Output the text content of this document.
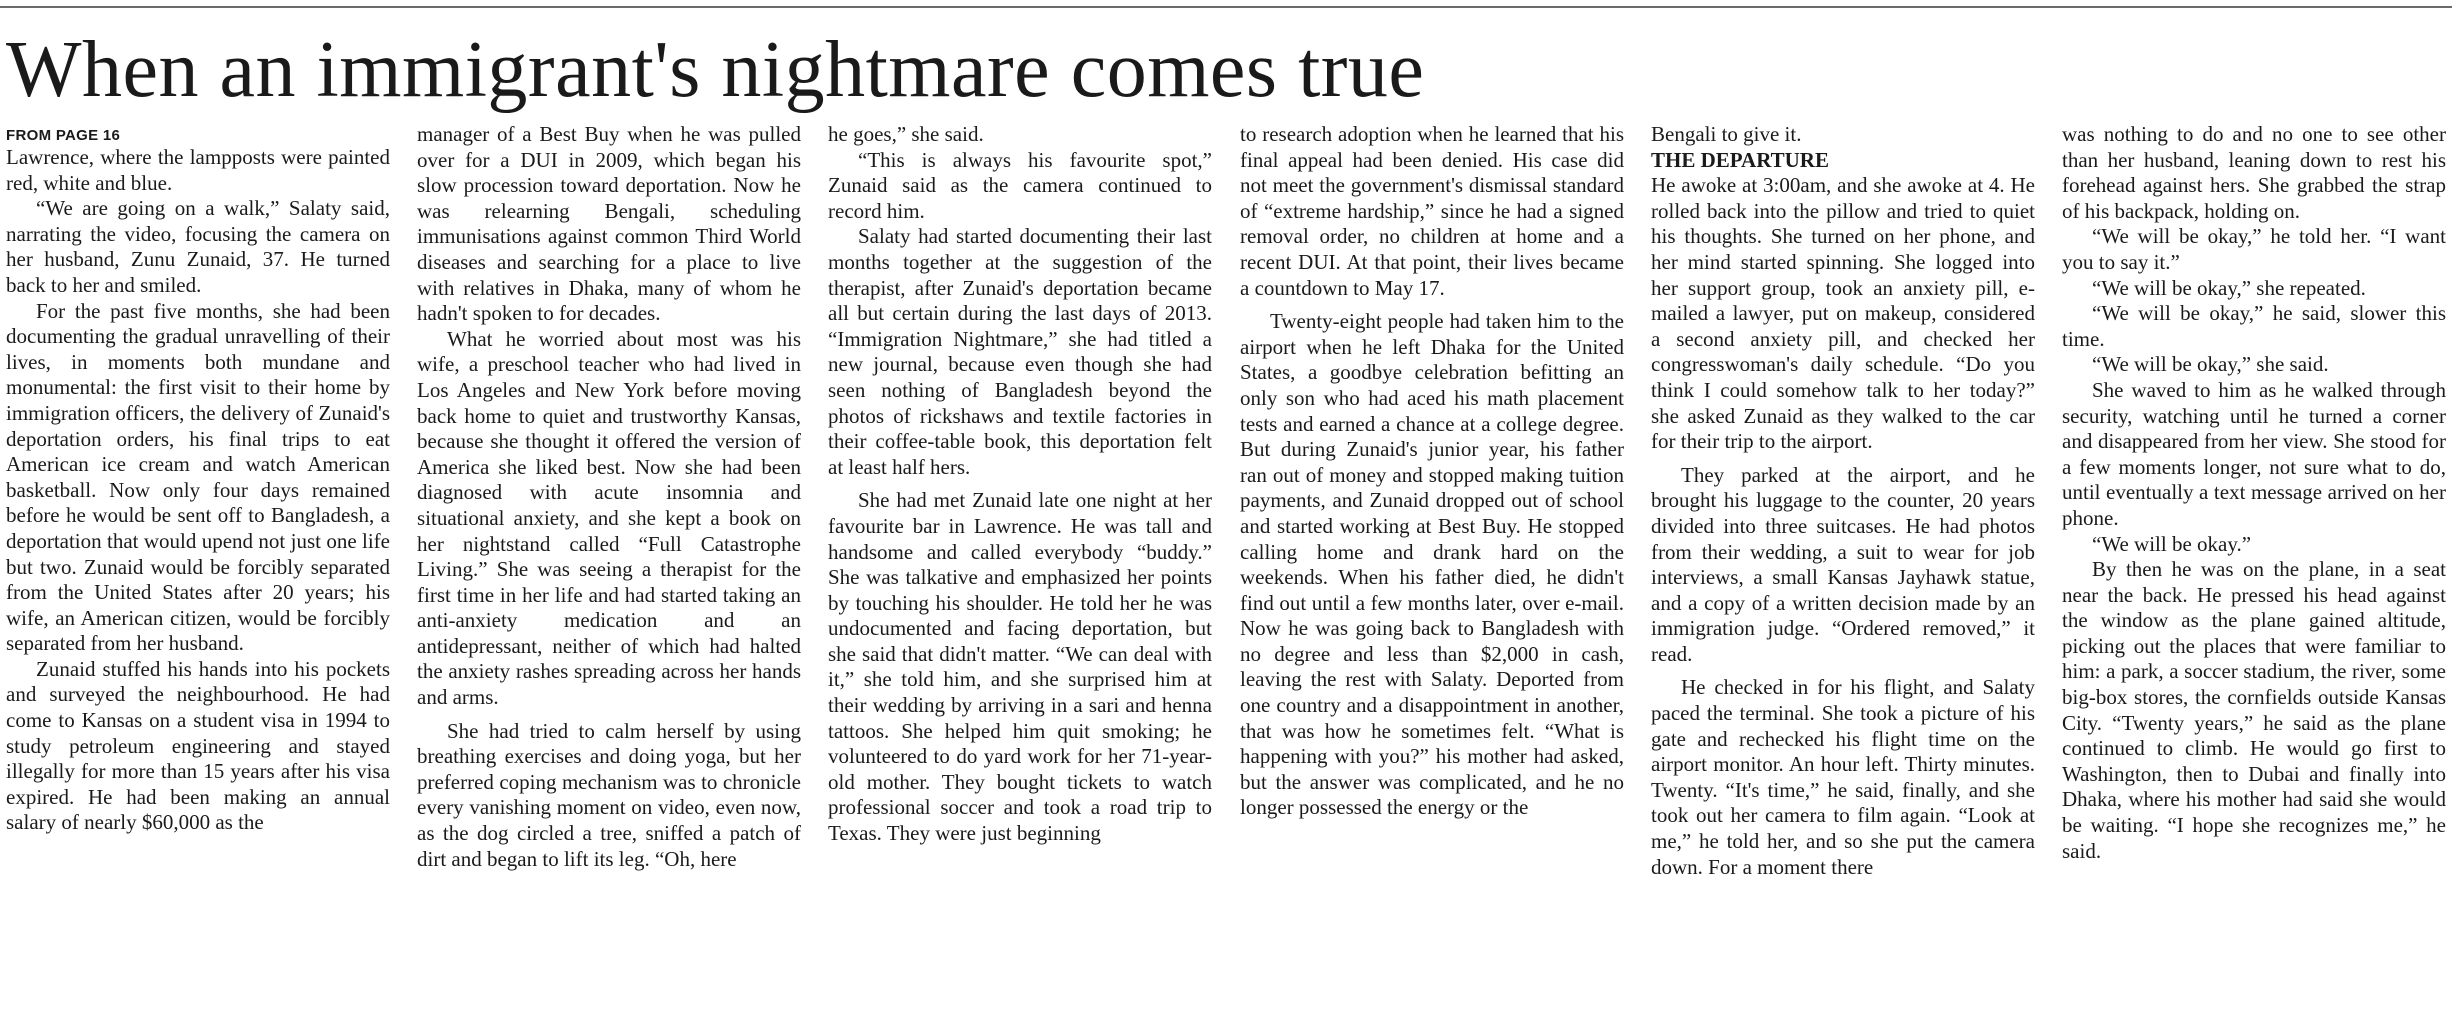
When an immigrant's nightmare comes true
FROM PAGE 16

Lawrence, where the lampposts were painted red, white and blue.

“We are going on a walk,” Salaty said, narrating the video, focusing the camera on her husband, Zunu Zunaid, 37. He turned back to her and smiled.

For the past five months, she had been documenting the gradual unravelling of their lives, in moments both mundane and monumental: the first visit to their home by immigration officers, the delivery of Zunaid's deportation orders, his final trips to eat American ice cream and watch American basketball. Now only four days remained before he would be sent off to Bangladesh, a deportation that would upend not just one life but two. Zunaid would be forcibly separated from the United States after 20 years; his wife, an American citizen, would be forcibly separated from her husband.

Zunaid stuffed his hands into his pockets and surveyed the neighbourhood. He had come to Kansas on a student visa in 1994 to study petroleum engineering and stayed illegally for more than 15 years after his visa expired. He had been making an annual salary of nearly $60,000 as the

manager of a Best Buy when he was pulled over for a DUI in 2009, which began his slow procession toward deportation. Now he was relearning Bengali, scheduling immunisations against common Third World diseases and searching for a place to live with relatives in Dhaka, many of whom he hadn't spoken to for decades.

What he worried about most was his wife, a preschool teacher who had lived in Los Angeles and New York before moving back home to quiet and trustworthy Kansas, because she thought it offered the version of America she liked best. Now she had been diagnosed with acute insomnia and situational anxiety, and she kept a book on her nightstand called “Full Catastrophe Living.” She was seeing a therapist for the first time in her life and had started taking an anti-anxiety medication and an antidepressant, neither of which had halted the anxiety rashes spreading across her hands and arms.

She had tried to calm herself by using breathing exercises and doing yoga, but her preferred coping mechanism was to chronicle every vanishing moment on video, even now, as the dog circled a tree, sniffed a patch of dirt and began to lift its leg. “Oh, here

he goes,” she said.

“This is always his favourite spot,” Zunaid said as the camera continued to record him.

Salaty had started documenting their last months together at the suggestion of the therapist, after Zunaid's deportation became all but certain during the last days of 2013. “Immigration Nightmare,” she had titled a new journal, because even though she had seen nothing of Bangladesh beyond the photos of rickshaws and textile factories in their coffee-table book, this deportation felt at least half hers.

She had met Zunaid late one night at her favourite bar in Lawrence. He was tall and handsome and called everybody “buddy.” She was talkative and emphasized her points by touching his shoulder. He told her he was undocumented and facing deportation, but she said that didn't matter. “We can deal with it,” she told him, and she surprised him at their wedding by arriving in a sari and henna tattoos. She helped him quit smoking; he volunteered to do yard work for her 71-year-old mother. They bought tickets to watch professional soccer and took a road trip to Texas. They were just beginning

to research adoption when he learned that his final appeal had been denied. His case did not meet the government's dismissal standard of “extreme hardship,” since he had a signed removal order, no children at home and a recent DUI. At that point, their lives became a countdown to May 17.

Twenty-eight people had taken him to the airport when he left Dhaka for the United States, a goodbye celebration befitting an only son who had aced his math placement tests and earned a chance at a college degree. But during Zunaid's junior year, his father ran out of money and stopped making tuition payments, and Zunaid dropped out of school and started working at Best Buy. He stopped calling home and drank hard on the weekends. When his father died, he didn't find out until a few months later, over e-mail. Now he was going back to Bangladesh with no degree and less than $2,000 in cash, leaving the rest with Salaty. Deported from one country and a disappointment in another, that was how he sometimes felt. “What is happening with you?” his mother had asked, but the answer was complicated, and he no longer possessed the energy or the

Bengali to give it.

THE DEPARTURE

He awoke at 3:00am, and she awoke at 4. He rolled back into the pillow and tried to quiet his thoughts. She turned on her phone, and her mind started spinning. She logged into her support group, took an anxiety pill, e-mailed a lawyer, put on makeup, considered a second anxiety pill, and checked her congresswoman's daily schedule. “Do you think I could somehow talk to her today?” she asked Zunaid as they walked to the car for their trip to the airport.

They parked at the airport, and he brought his luggage to the counter, 20 years divided into three suitcases. He had photos from their wedding, a suit to wear for job interviews, a small Kansas Jayhawk statue, and a copy of a written decision made by an immigration judge. “Ordered removed,” it read.

He checked in for his flight, and Salaty paced the terminal. She took a picture of his gate and rechecked his flight time on the airport monitor. An hour left. Thirty minutes. Twenty. “It's time,” he said, finally, and she took out her camera to film again. “Look at me,” he told her, and so she put the camera down. For a moment there

was nothing to do and no one to see other than her husband, leaning down to rest his forehead against hers. She grabbed the strap of his backpack, holding on.

“We will be okay,” he told her. “I want you to say it.”

“We will be okay,” she repeated.

“We will be okay,” he said, slower this time.

“We will be okay,” she said.

She waved to him as he walked through security, watching until he turned a corner and disappeared from her view. She stood for a few moments longer, not sure what to do, until eventually a text message arrived on her phone.

“We will be okay.”

By then he was on the plane, in a seat near the back. He pressed his head against the window as the plane gained altitude, picking out the places that were familiar to him: a park, a soccer stadium, the river, some big-box stores, the cornfields outside Kansas City. “Twenty years,” he said as the plane continued to climb. He would go first to Washington, then to Dubai and finally into Dhaka, where his mother had said she would be waiting. “I hope she recognizes me,” he said.
